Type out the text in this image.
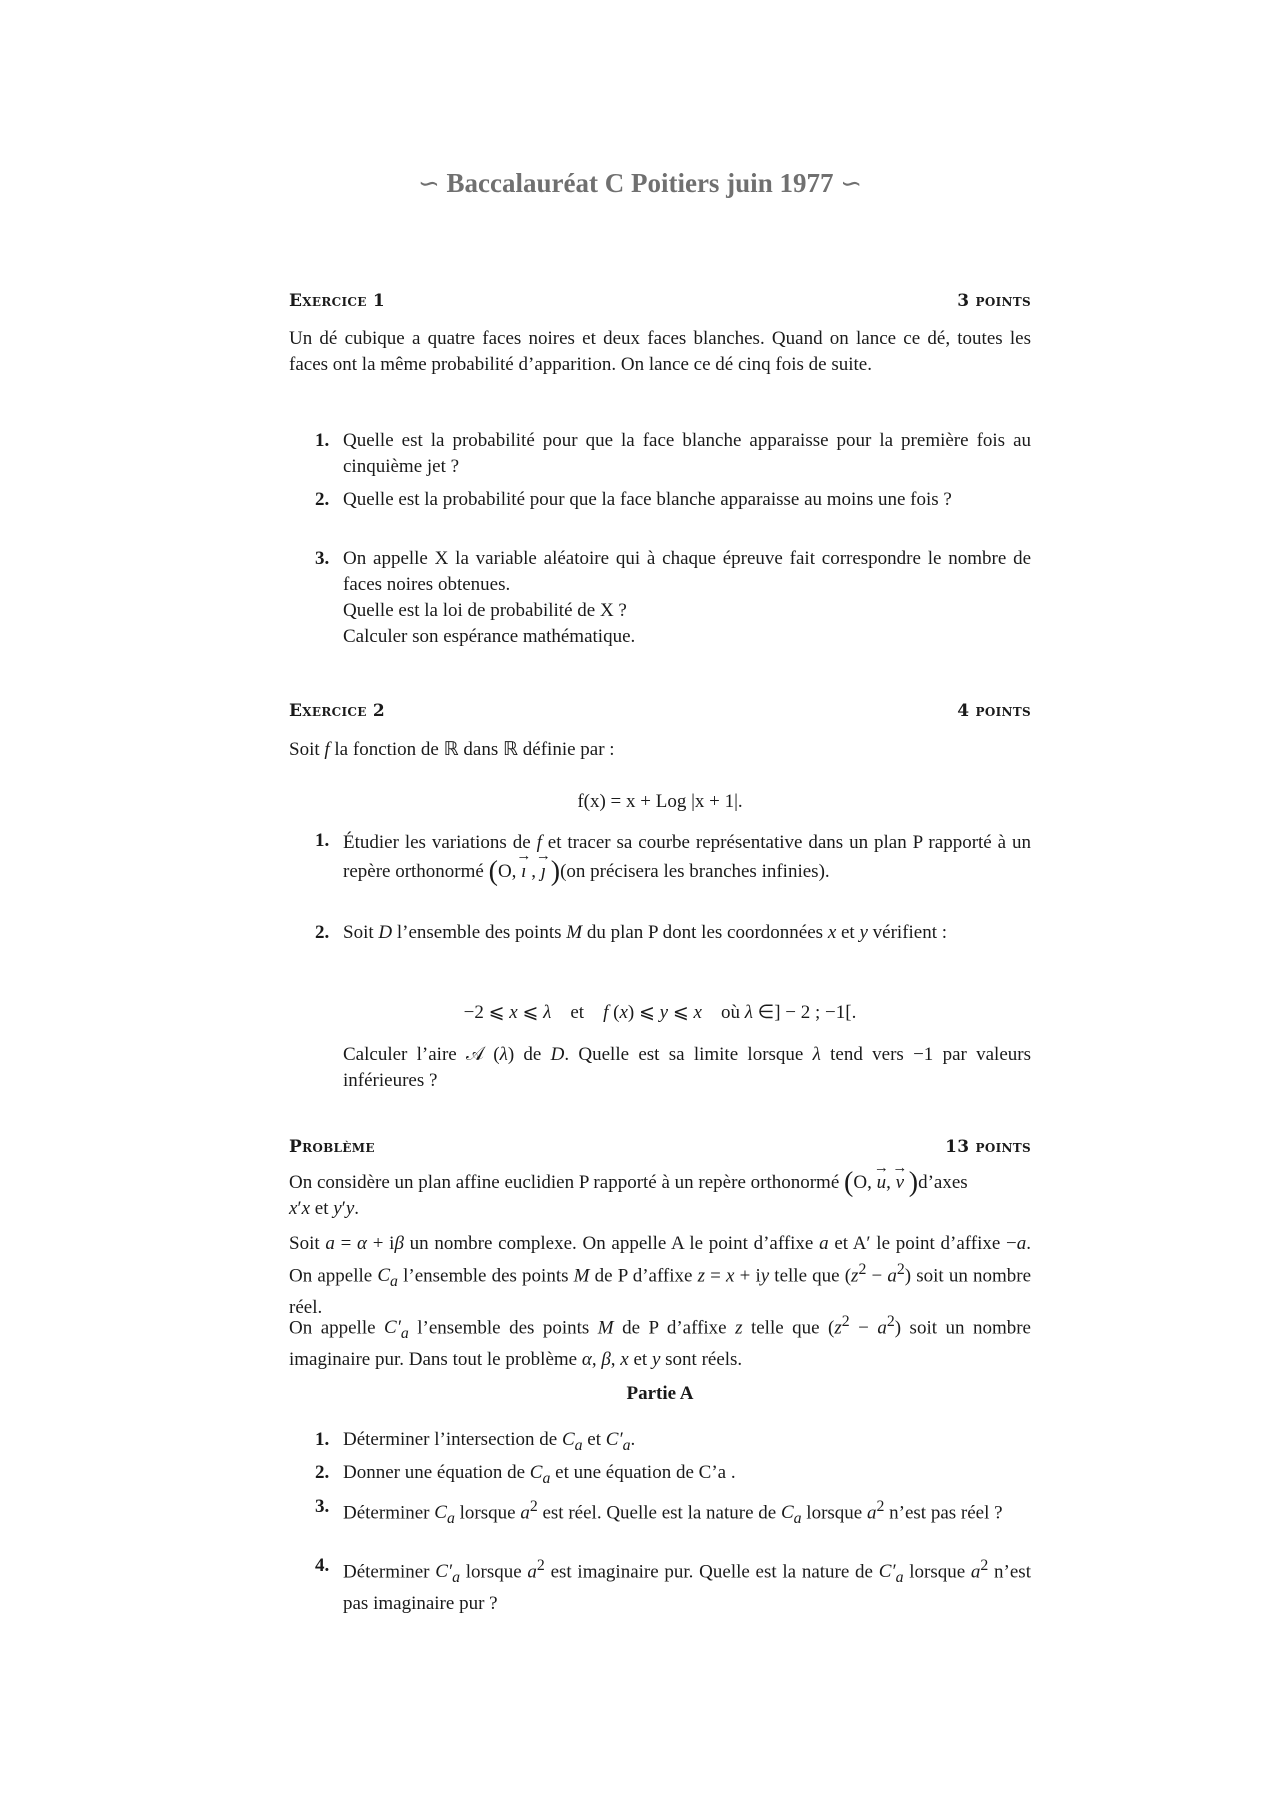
∽ Baccalauréat C Poitiers juin 1977 ∽
Exercice 1	3 points
Un dé cubique a quatre faces noires et deux faces blanches. Quand on lance ce dé, toutes les faces ont la même probabilité d’apparition. On lance ce dé cinq fois de suite.
1. Quelle est la probabilité pour que la face blanche apparaisse pour la première fois au cinquième jet ?
2. Quelle est la probabilité pour que la face blanche apparaisse au moins une fois ?
3. On appelle X la variable aléatoire qui à chaque épreuve fait correspondre le nombre de faces noires obtenues.
Quelle est la loi de probabilité de X ?
Calculer son espérance mathématique.
Exercice 2	4 points
Soit f la fonction de ℝ dans ℝ définie par :
f(x) = x + Log |x + 1|.
1. Étudier les variations de f et tracer sa courbe représentative dans un plan P rapporté à un repère orthonormé (O, → ı , → ȷ )(on précisera les branches infinies).
2. Soit D l’ensemble des points M du plan P dont les coordonnées x et y vérifient :
−2 ⩽ x ⩽ λ    et    f (x) ⩽ y ⩽ x    où λ ∈] − 2 ; −1[.
Calculer l’aire 𝒜 (λ) de D. Quelle est sa limite lorsque λ tend vers −1 par valeurs inférieures ?
Problème	13 points
On considère un plan affine euclidien P rapporté à un repère orthonormé (O, → u, → v )d’axes
x′x et y′y.
Soit a = α + iβ un nombre complexe. On appelle A le point d’affixe a et A′ le point d’affixe −a. On appelle $C_a$ l’ensemble des points M de P d’affixe z = x + iy telle que $(z^2 - a^2)$ soit un nombre réel.
On appelle $C'_a$ l’ensemble des points M de P d’affixe z telle que $(z^2 - a^2)$ soit un nombre imaginaire pur. Dans tout le problème α, β, x et y sont réels.
Partie A
1. Déterminer l’intersection de $C_a$ et $C'_a$.
2. Donner une équation de $C_a$ et une équation de C’a .
3. Déterminer $C_a$ lorsque $a^2$ est réel. Quelle est la nature de $C_a$ lorsque $a^2$ n’est pas réel ?
4. Déterminer $C'_a$ lorsque $a^2$ est imaginaire pur. Quelle est la nature de $C'_a$ lorsque $a^2$ n’est pas imaginaire pur ?
